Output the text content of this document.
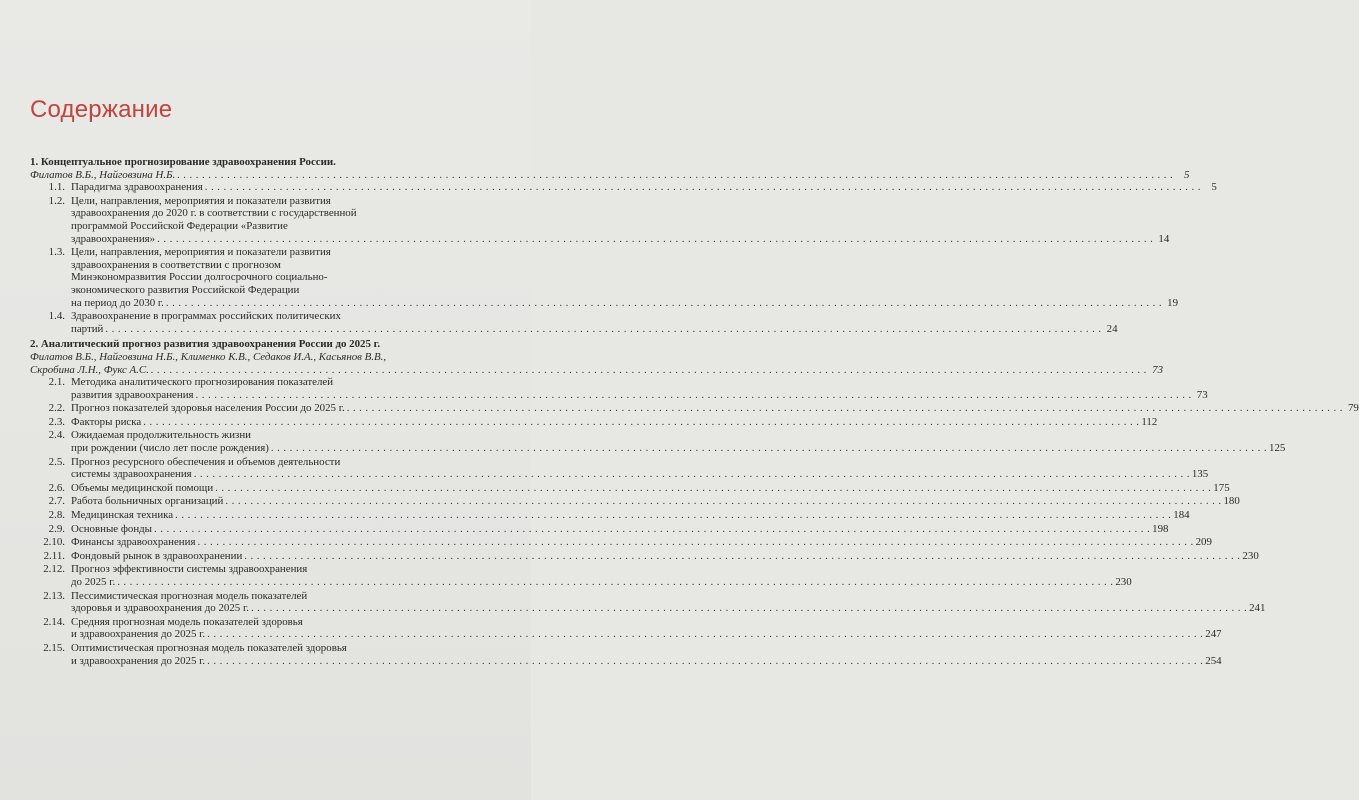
Содержание
1. Концептуальное прогнозирование здравоохранения России.
Филатов В.Б., Найговзина Н.Б. . . .	5
1.1. Парадигма здравоохранения . . .	5
1.2. Цели, направления, мероприятия и показатели развития
здравоохранения до 2020 г. в соответствии с государственной
программой Российской Федерации «Развитие
здравоохранения» . . .	14
1.3. Цели, направления, мероприятия и показатели развития
здравоохранения в соответствии с прогнозом
Минэкономразвития России долгосрочного социально-
экономического развития Российской Федерации
на период до 2030 г. . . .	19
1.4. Здравоохранение в программах российских политических
партий . . .	24
2. Аналитический прогноз развития здравоохранения России до 2025 г.
Филатов В.Б., Найговзина Н.Б., Клименко К.В., Седаков И.А., Касьянов В.В.,
Скробина Л.Н., Фукс А.С. . . .	73
2.1. Методика аналитического прогнозирования показателей
развития здравоохранения . . .	73
2.2. Прогноз показателей здоровья населения России до 2025 г. . . .	79
2.3. Факторы риска . . .	112
2.4. Ожидаемая продолжительность жизни
при рождении (число лет после рождения) . . .	125
2.5. Прогноз ресурсного обеспечения и объемов деятельности
системы здравоохранения . . .	135
2.6. Объемы медицинской помощи . . .	175
2.7. Работа больничных организаций . . .	180
2.8. Медицинская техника . . .	184
2.9. Основные фонды . . .	198
2.10. Финансы здравоохранения . . .	209
2.11. Фондовый рынок в здравоохранении . . .	230
2.12. Прогноз эффективности системы здравоохранения
до 2025 г. . . .	230
2.13. Пессимистическая прогнозная модель показателей
здоровья и здравоохранения до 2025 г. . . .	241
2.14. Средняя прогнозная модель показателей здоровья
и здравоохранения до 2025 г. . . .	247
2.15. Оптимистическая прогнозная модель показателей здоровья
и здравоохранения до 2025 г. . . .	254
